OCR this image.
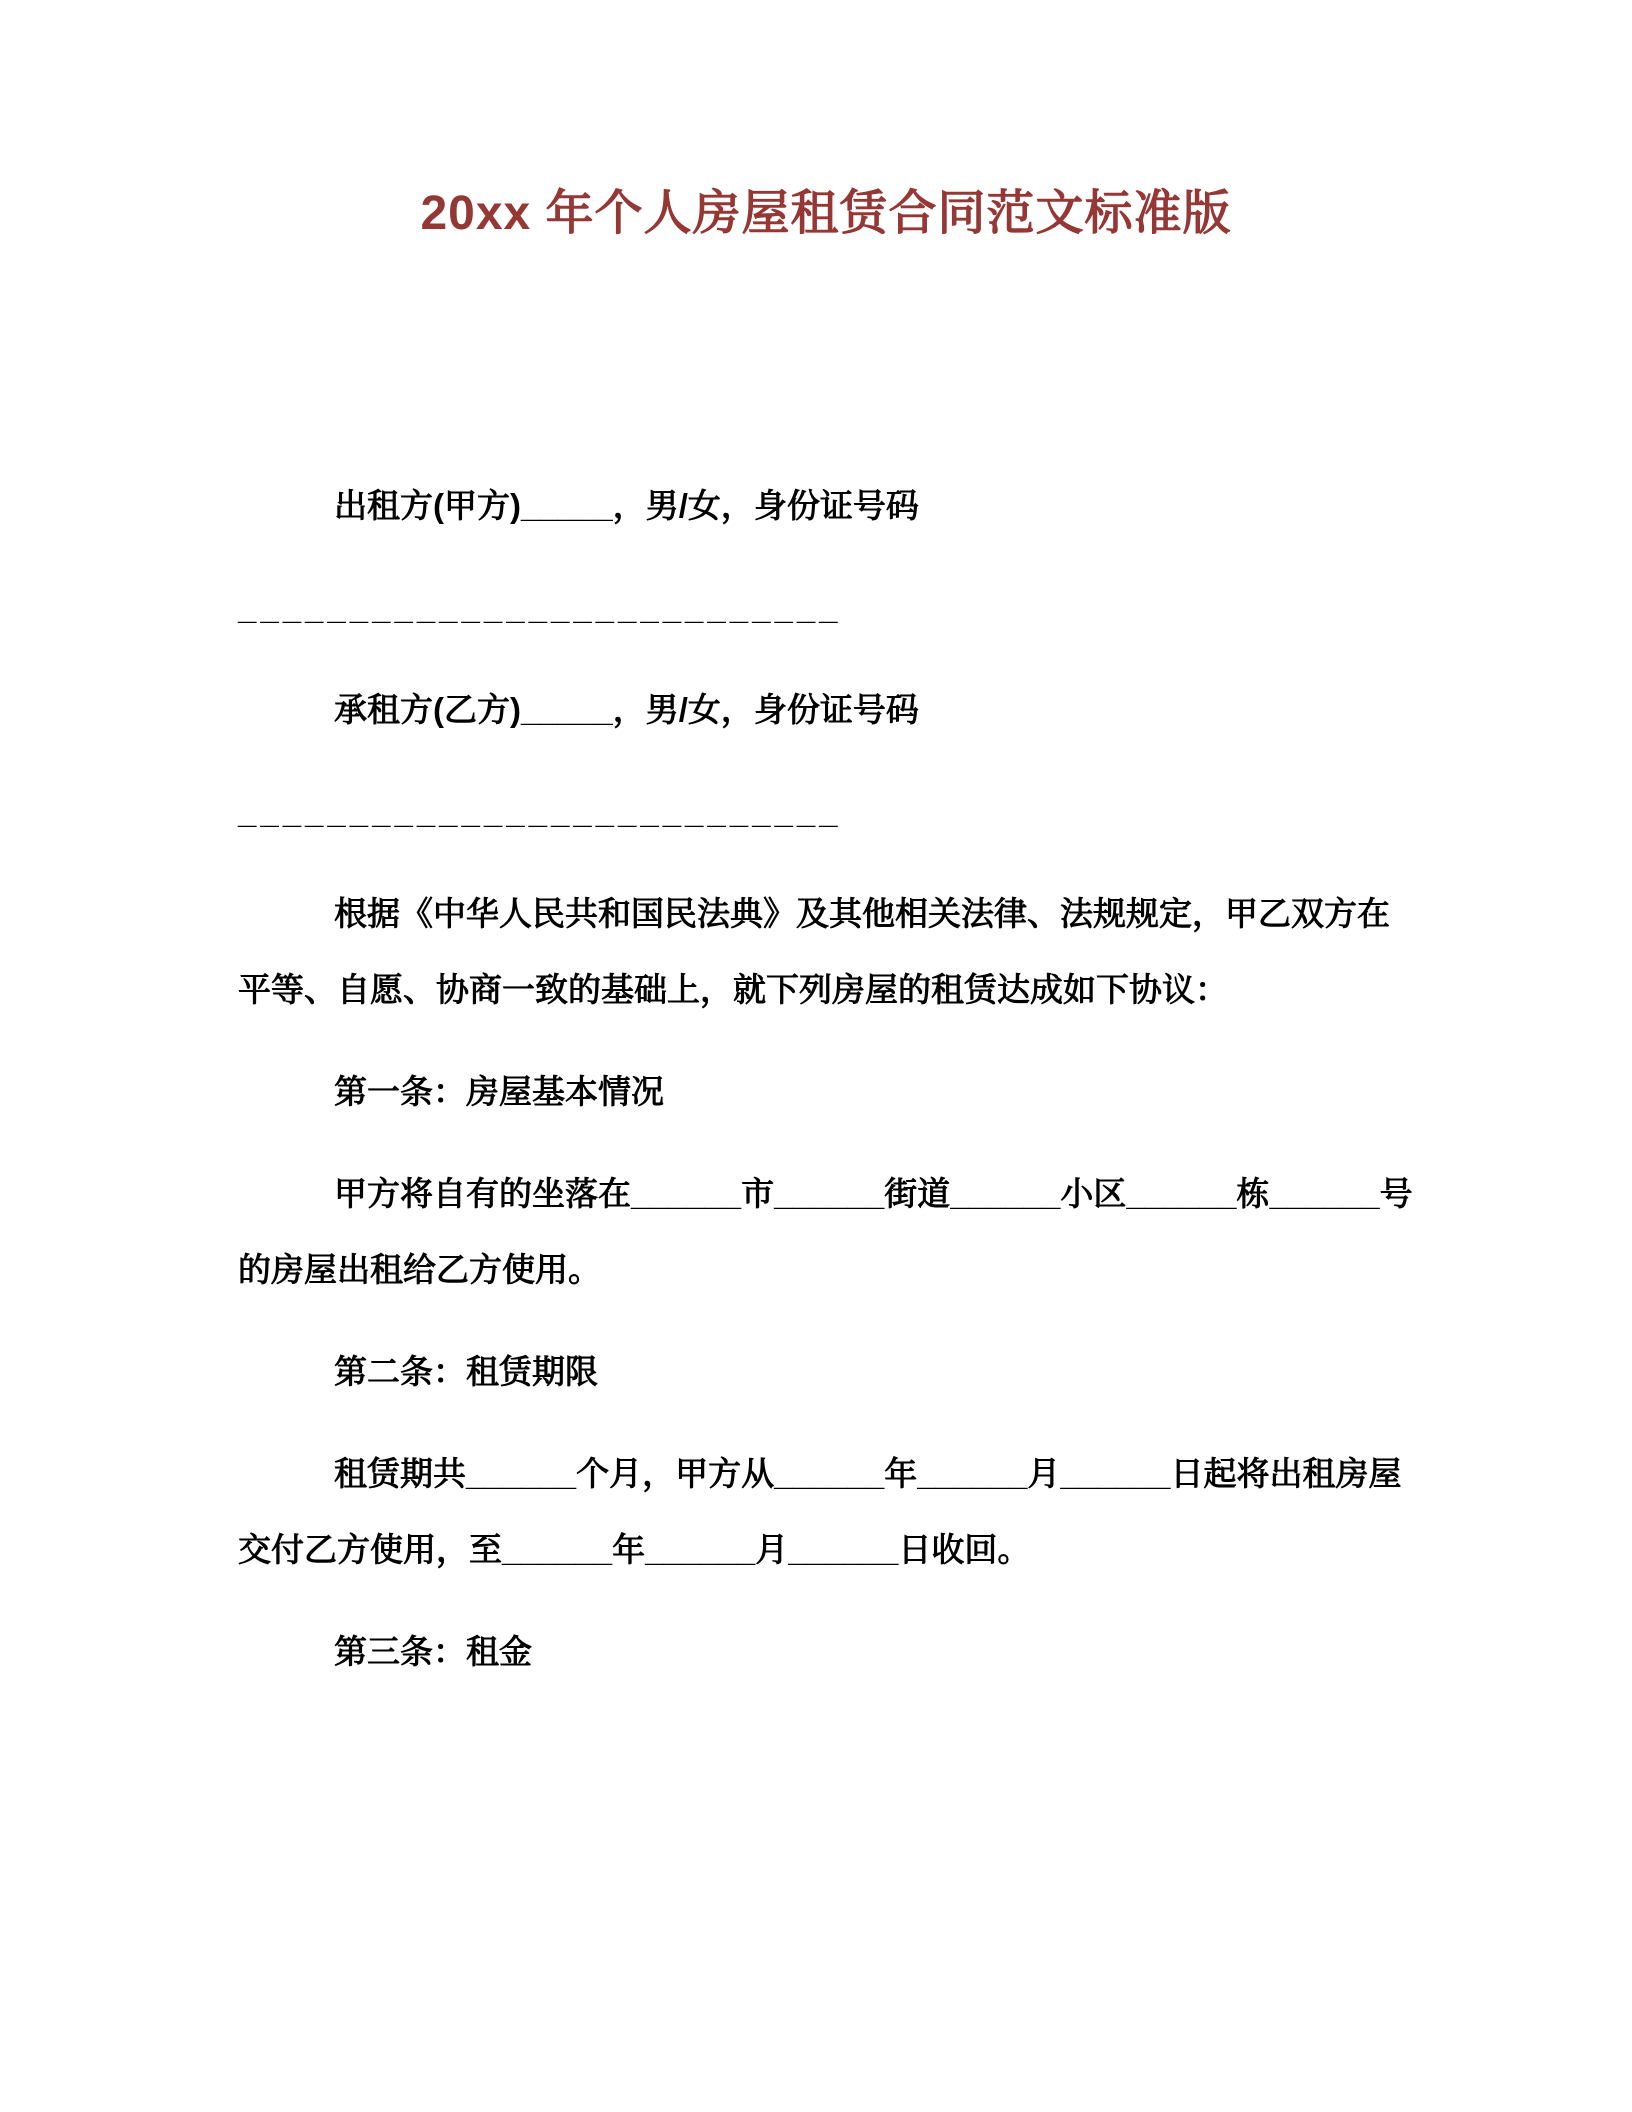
20xx 年个人房屋租赁合同范文标准版

出租方(甲方)_____，男/女，身份证号码

___________________________

承租方(乙方)_____，男/女，身份证号码

___________________________

根据《中华人民共和国民法典》及其他相关法律、法规规定，甲乙双方在平等、自愿、协商一致的基础上，就下列房屋的租赁达成如下协议：

第一条：房屋基本情况

甲方将自有的坐落在______市______街道______小区______栋______号的房屋出租给乙方使用。

第二条：租赁期限

租赁期共______个月，甲方从______年______月______日起将出租房屋交付乙方使用，至______年______月______日收回。

第三条：租金
